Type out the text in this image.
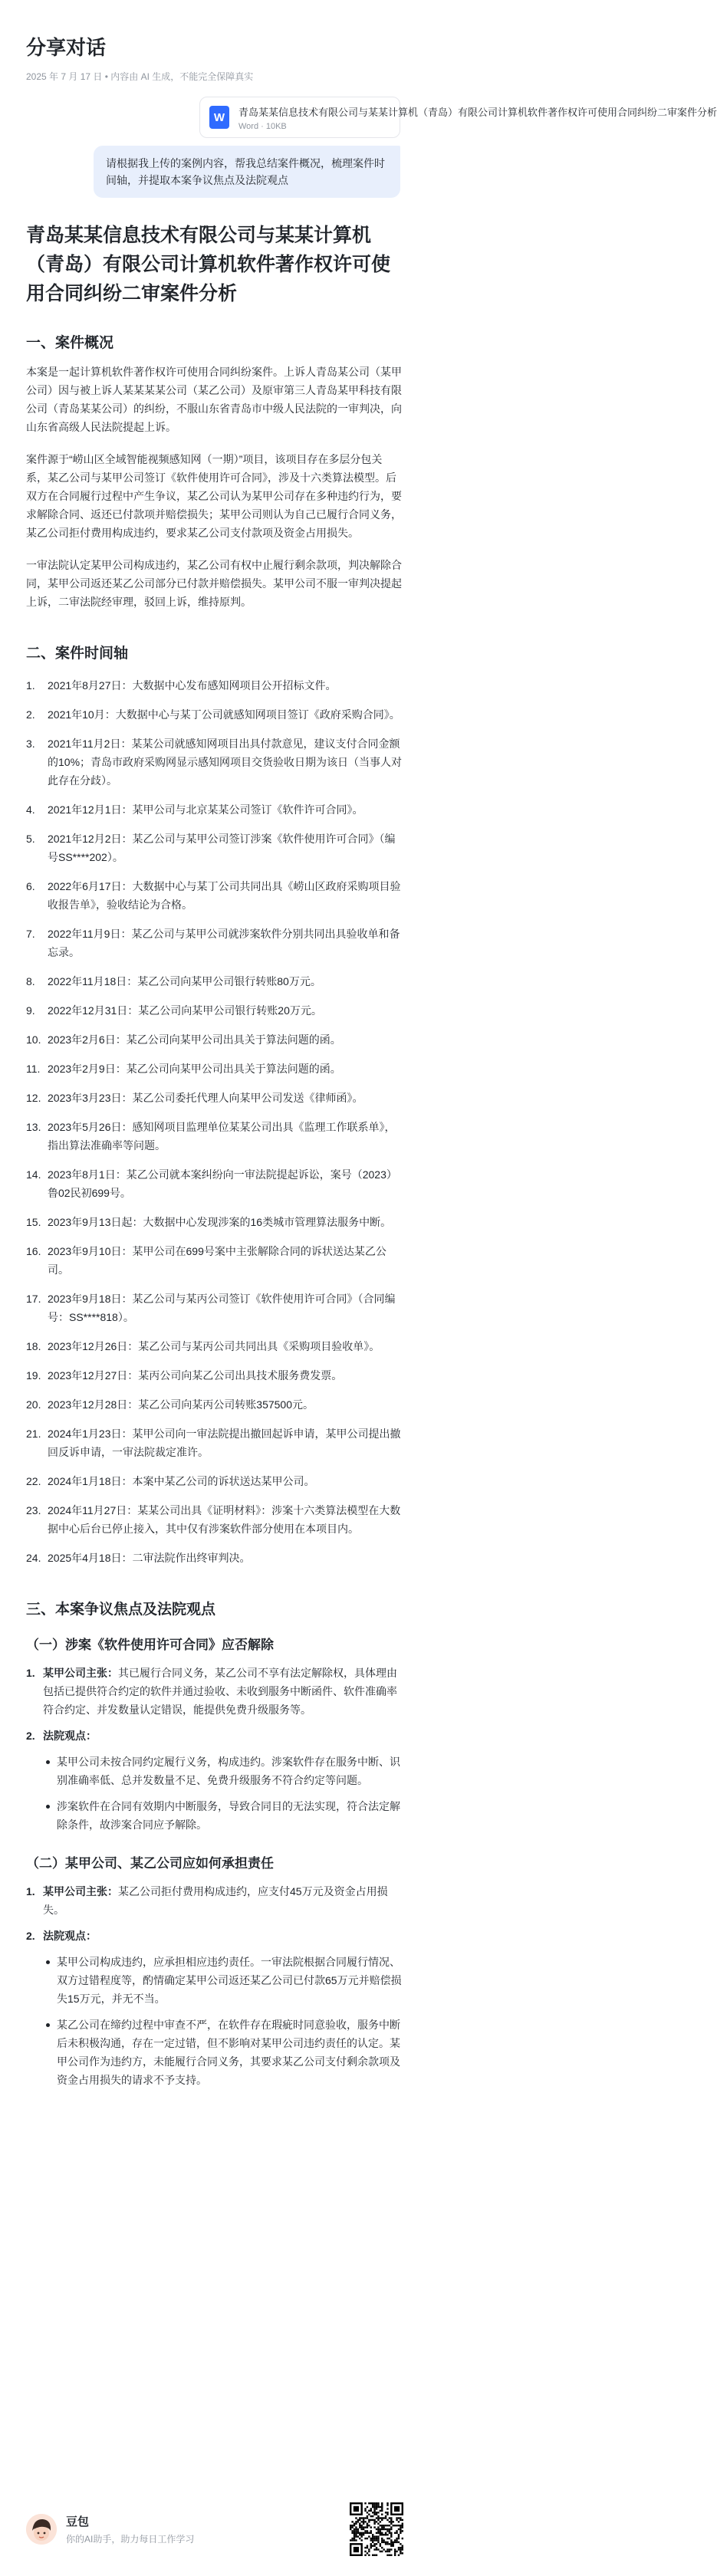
分享对话
2025 年 7 月 17 日 • 内容由 AI 生成，不能完全保障真实
W	青岛某某信息技术有限公司与某某计算机（青岛）有限公司计算机软件著作权许可使用合同纠纷二审案件分析
Word · 10KB
请根据我上传的案例内容，帮我总结案件概况，梳理案件时间轴，并提取本案争议焦点及法院观点
青岛某某信息技术有限公司与某某计算机（青岛）有限公司计算机软件著作权许可使用合同纠纷二审案件分析
一、案件概况

本案是一起计算机软件著作权许可使用合同纠纷案件。上诉人青岛某公司（某甲公司）因与被上诉人某某某某公司（某乙公司）及原审第三人青岛某甲科技有限公司（青岛某某公司）的纠纷，不服山东省青岛市中级人民法院的一审判决，向山东省高级人民法院提起上诉。

案件源于“崂山区全域智能视频感知网（一期）”项目，该项目存在多层分包关系，某乙公司与某甲公司签订《软件使用许可合同》，涉及十六类算法模型。后双方在合同履行过程中产生争议，某乙公司认为某甲公司存在多种违约行为，要求解除合同、返还已付款项并赔偿损失；某甲公司则认为自己已履行合同义务，某乙公司拒付费用构成违约，要求某乙公司支付款项及资金占用损失。

一审法院认定某甲公司构成违约，某乙公司有权中止履行剩余款项，判决解除合同，某甲公司返还某乙公司部分已付款并赔偿损失。某甲公司不服一审判决提起上诉，二审法院经审理，驳回上诉，维持原判。

二、案件时间轴
1.	2021年8月27日：大数据中心发布感知网项目公开招标文件。
2.	2021年10月：大数据中心与某丁公司就感知网项目签订《政府采购合同》。
3.	2021年11月2日：某某公司就感知网项目出具付款意见，建议支付合同金额的10%；青岛市政府采购网显示感知网项目交货验收日期为该日（当事人对此存在分歧）。
4.	2021年12月1日：某甲公司与北京某某公司签订《软件许可合同》。
5.	2021年12月2日：某乙公司与某甲公司签订涉案《软件使用许可合同》（编号SS****202）。
6.	2022年6月17日：大数据中心与某丁公司共同出具《崂山区政府采购项目验收报告单》，验收结论为合格。
7.	2022年11月9日：某乙公司与某甲公司就涉案软件分别共同出具验收单和备忘录。
8.	2022年11月18日：某乙公司向某甲公司银行转账80万元。
9.	2022年12月31日：某乙公司向某甲公司银行转账20万元。
10. 2023年2月6日：某乙公司向某甲公司出具关于算法问题的函。
11. 2023年2月9日：某乙公司向某甲公司出具关于算法问题的函。
12. 2023年3月23日：某乙公司委托代理人向某甲公司发送《律师函》。
13. 2023年5月26日：感知网项目监理单位某某公司出具《监理工作联系单》，指出算法准确率等问题。
14. 2023年8月1日：某乙公司就本案纠纷向一审法院提起诉讼，案号（2023）鲁02民初699号。
15. 2023年9月13日起：大数据中心发现涉案的16类城市管理算法服务中断。
16. 2023年9月10日：某甲公司在699号案中主张解除合同的诉状送达某乙公司。
17. 2023年9月18日：某乙公司与某丙公司签订《软件使用许可合同》（合同编号：SS****818）。
18. 2023年12月26日：某乙公司与某丙公司共同出具《采购项目验收单》。
19. 2023年12月27日：某丙公司向某乙公司出具技术服务费发票。
20. 2023年12月28日：某乙公司向某丙公司转账357500元。
21. 2024年1月23日：某甲公司向一审法院提出撤回起诉申请，某甲公司提出撤回反诉申请，一审法院裁定准许。
22. 2024年1月18日：本案中某乙公司的诉状送达某甲公司。
23. 2024年11月27日：某某公司出具《证明材料》：涉案十六类算法模型在大数据中心后台已停止接入，其中仅有涉案软件部分使用在本项目内。
24. 2025年4月18日：二审法院作出终审判决。
三、本案争议焦点及法院观点
（一）涉案《软件使用许可合同》应否解除
1. 某甲公司主张：其已履行合同义务，某乙公司不享有法定解除权，具体理由包括已提供符合约定的软件并通过验收、未收到服务中断函件、软件准确率符合约定、并发数量认定错误，能提供免费升级服务等。
2. 法院观点：
某甲公司未按合同约定履行义务，构成违约。涉案软件存在服务中断、识别准确率低、总并发数量不足、免费升级服务不符合约定等问题。
涉案软件在合同有效期内中断服务，导致合同目的无法实现，符合法定解除条件，故涉案合同应予解除。
（二）某甲公司、某乙公司应如何承担责任
1. 某甲公司主张：某乙公司拒付费用构成违约，应支付45万元及资金占用损失。
2. 法院观点：
某甲公司构成违约，应承担相应违约责任。一审法院根据合同履行情况、双方过错程度等，酌情确定某甲公司返还某乙公司已付款65万元并赔偿损失15万元，并无不当。
某乙公司在缔约过程中审查不严，在软件存在瑕疵时同意验收，服务中断后未积极沟通，存在一定过错，但不影响对某甲公司违约责任的认定。某甲公司作为违约方，未能履行合同义务，其要求某乙公司支付剩余款项及资金占用损失的请求不予支持。
豆包
你的AI助手，助力每日工作学习
